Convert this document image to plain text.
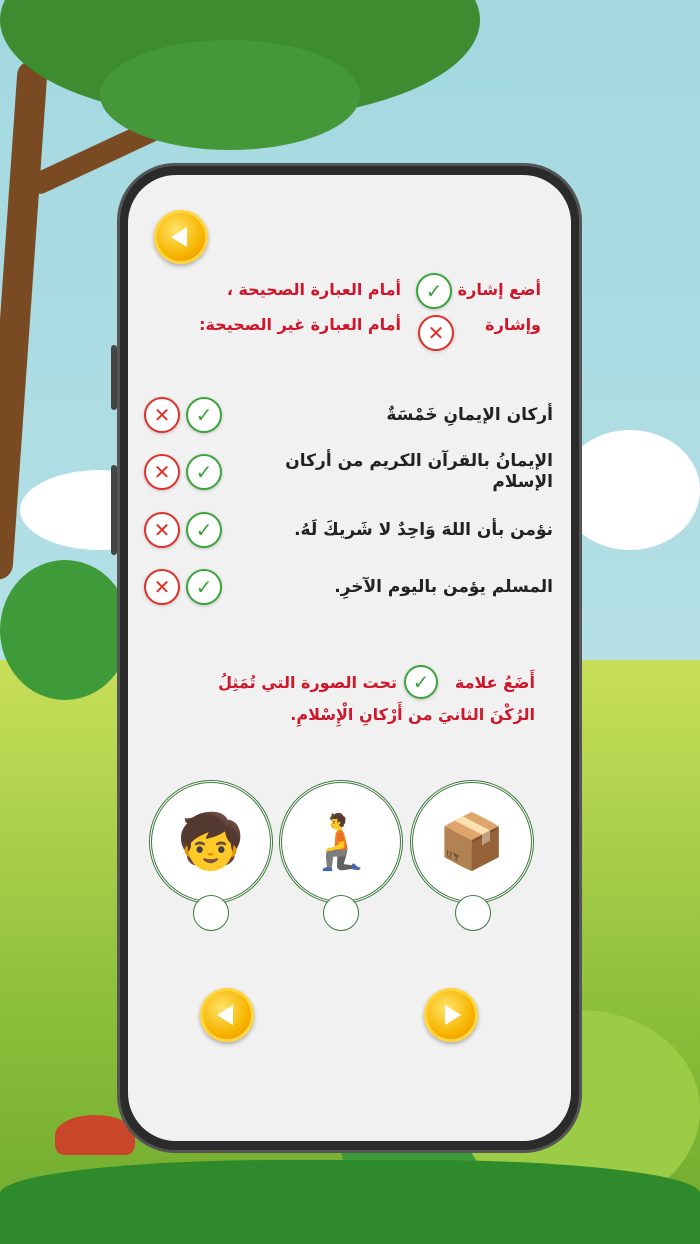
أضع إشارة
✓
أمام العبارة الصحيحة ،
وإشارة
✕
أمام العبارة غير الصحيحة:
أركان الإيمانِ خَمْسَةٌ
✕ ✓
الإيمانُ بالقرآن الكريم من أركان الإسلام
✕ ✓
نؤمن بأن اللهَ وَاحِدٌ لا شَريكَ لَهُ.
✕ ✓
المسلم يؤمن باليوم الآخرِ.
✕ ✓
أَضَعُ علامة
✓
تحت الصورة التي تُمَثِلُ
الرُكْنَ الثانيَ من أَرْكانِ الْإِسْلامِ.
🧒 🧎 📦
